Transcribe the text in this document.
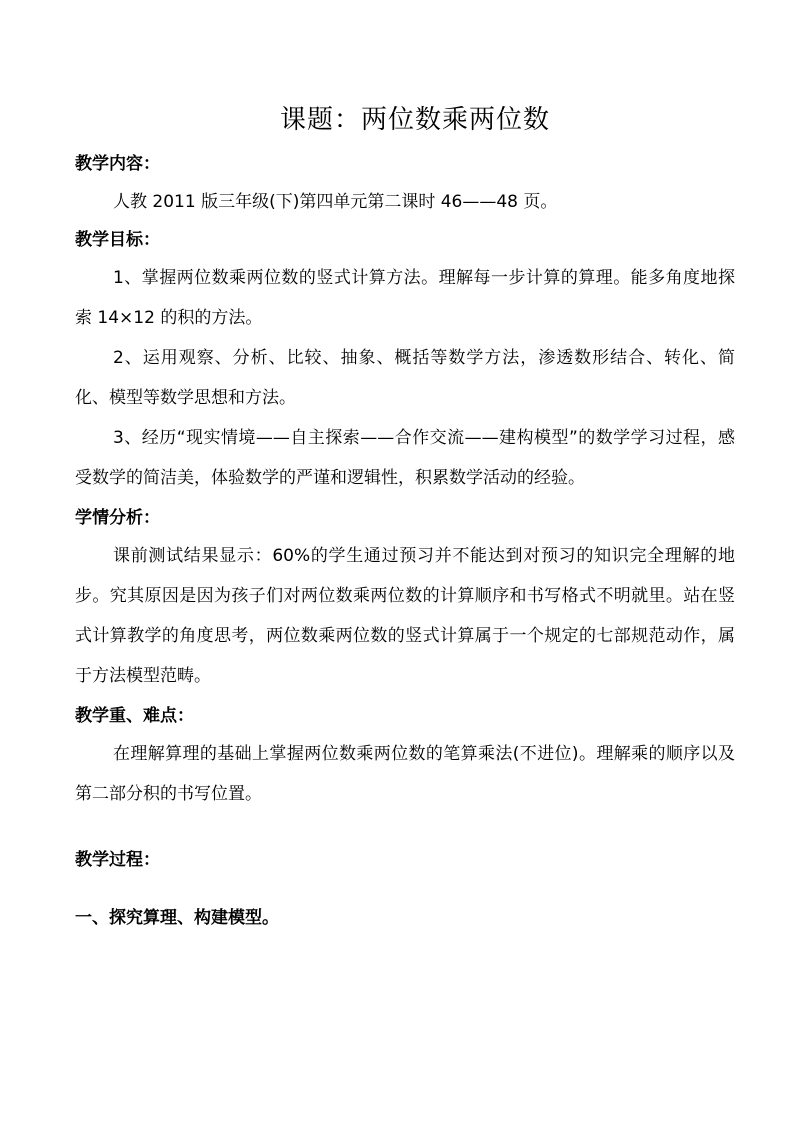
课题：两位数乘两位数
教学内容：

人教 2011 版三年级(下)第四单元第二课时 46——48 页。

教学目标：

1、掌握两位数乘两位数的竖式计算方法。理解每一步计算的算理。能多角度地探索 14×12 的积的方法。

2、运用观察、分析、比较、抽象、概括等数学方法，渗透数形结合、转化、简化、模型等数学思想和方法。

3、经历“现实情境——自主探索——合作交流——建构模型”的数学学习过程，感受数学的简洁美，体验数学的严谨和逻辑性，积累数学活动的经验。

学情分析：

课前测试结果显示：60%的学生通过预习并不能达到对预习的知识完全理解的地步。究其原因是因为孩子们对两位数乘两位数的计算顺序和书写格式不明就里。站在竖式计算教学的角度思考，两位数乘两位数的竖式计算属于一个规定的七部规范动作，属于方法模型范畴。

教学重、难点：

在理解算理的基础上掌握两位数乘两位数的笔算乘法(不进位)。理解乘的顺序以及第二部分积的书写位置。

教学过程：
一、探究算理、构建模型。
